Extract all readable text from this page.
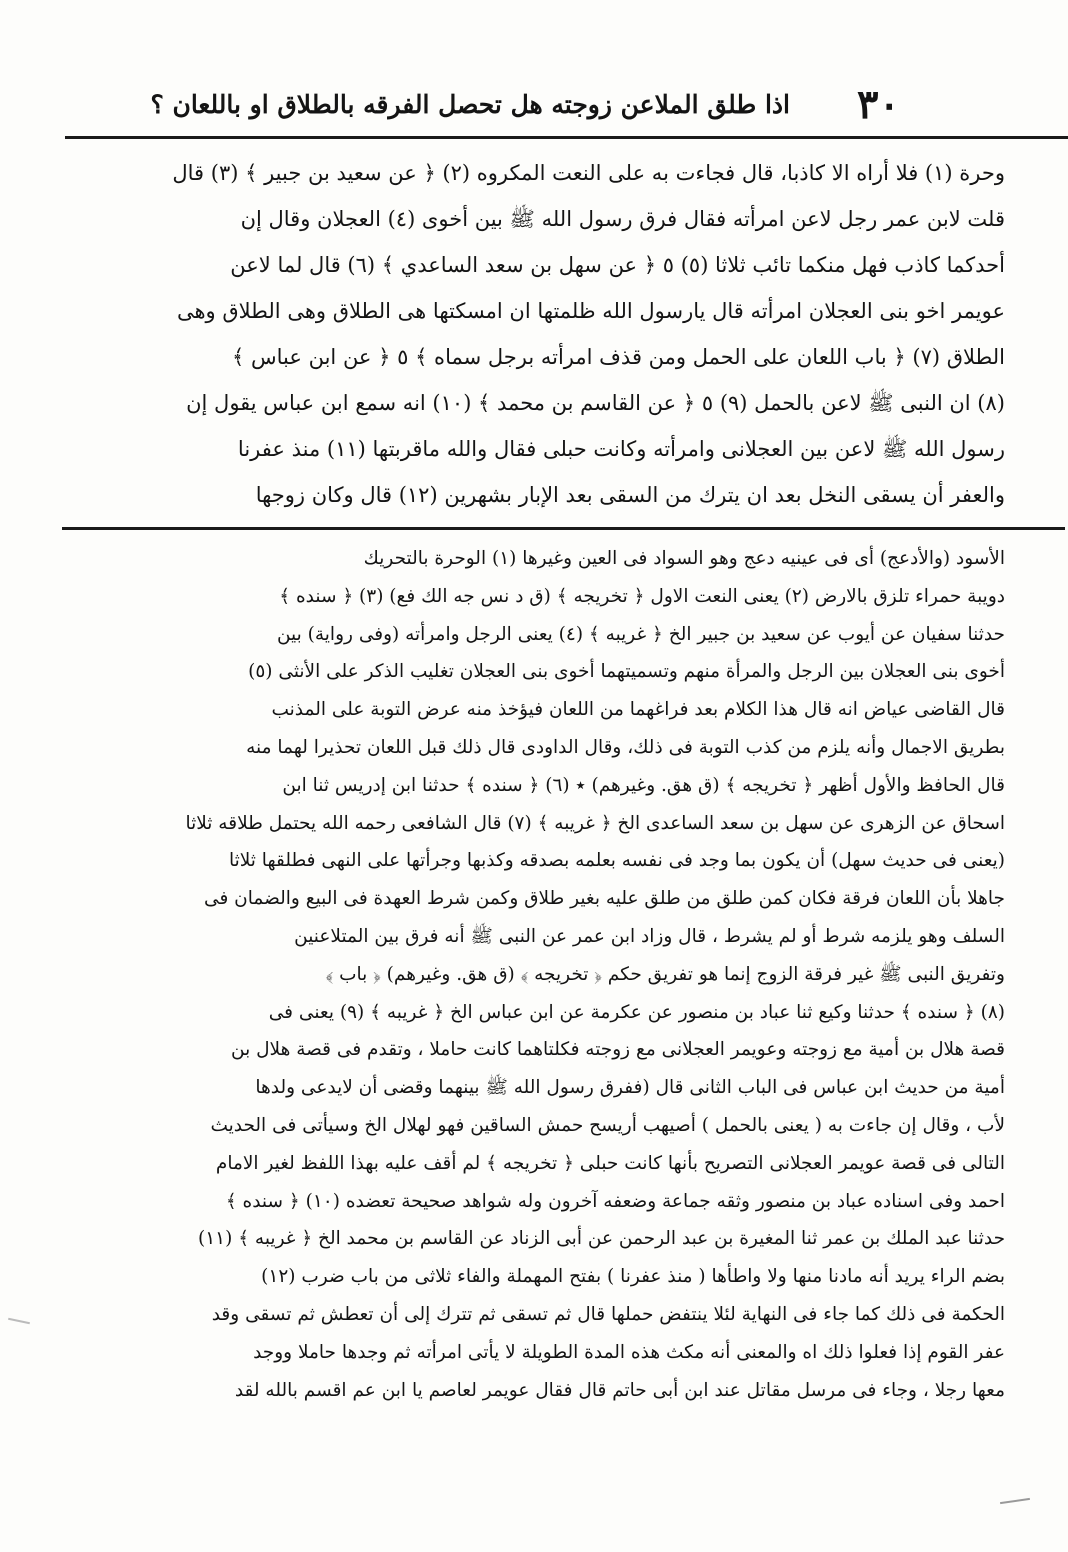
٣٠
اذا طلق الملاعن زوجته هل تحصل الفرقه بالطلاق او باللعان ؟
وحرة (١) فلا أراه الا كاذبا، قال فجاءت به على النعت المكروه (٢) ﴿ عن سعيد بن جبير ﴾ (٣) قال
قلت لابن عمر رجل لاعن امرأته فقال فرق رسول الله ﷺ بين أخوى (٤) العجلان وقال إن
أحدكما كاذب فهل منكما تائب ثلاثا (٥) ٥ ﴿ عن سهل بن سعد الساعدي ﴾ (٦) قال لما لاعن
عويمر اخو بنى العجلان امرأته قال يارسول الله ظلمتها ان امسكتها هى الطلاق وهى الطلاق وهى
الطلاق (٧) ﴿ باب اللعان على الحمل ومن قذف امرأته برجل سماه ﴾ ٥ ﴿ عن ابن عباس ﴾
(٨) ان النبى ﷺ لاعن بالحمل (٩) ٥ ﴿ عن القاسم بن محمد ﴾ (١٠) انه سمع ابن عباس يقول إن
رسول الله ﷺ لاعن بين العجلانى وامرأته وكانت حبلى فقال والله ماقربتها (١١) منذ عفرنا
والعفر أن يسقى النخل بعد ان يترك من السقى بعد الإبار بشهرين (١٢) قال وكان زوجها
الأسود (والأدعج) أى فى عينيه دعج وهو السواد فى العين وغيرها (١) الوحرة بالتحريك
دويبة حمراء تلزق بالارض (٢) يعنى النعت الاول ﴿ تخريجه ﴾ (ق د نس جه الك فع) (٣) ﴿ سنده ﴾
حدثنا سفيان عن أيوب عن سعيد بن جبير الخ ﴿ غريبه ﴾ (٤) يعنى الرجل وامرأته (وفى رواية) بين
أخوى بنى العجلان بين الرجل والمرأة منهم وتسميتهما أخوى بنى العجلان تغليب الذكر على الأنثى (٥)
قال القاضى عياض انه قال هذا الكلام بعد فراغهما من اللعان فيؤخذ منه عرض التوبة على المذنب
بطريق الاجمال وأنه يلزم من كذب التوبة فى ذلك، وقال الداودى قال ذلك قبل اللعان تحذيرا لهما منه
قال الحافظ والأول أظهر ﴿ تخريجه ﴾ (ق هق. وغيرهم) ٭ (٦) ﴿ سنده ﴾ حدثنا ابن إدريس ثنا ابن
اسحاق عن الزهرى عن سهل بن سعد الساعدى الخ ﴿ غريبه ﴾ (٧) قال الشافعى رحمه الله يحتمل طلاقه ثلاثا
(يعنى فى حديث سهل) أن يكون بما وجد فى نفسه بعلمه بصدقه وكذبها وجرأتها على النهى فطلقها ثلاثا
جاهلا بأن اللعان فرقة فكان كمن طلق من طلق عليه بغير طلاق وكمن شرط العهدة فى البيع والضمان فى
السلف وهو يلزمه شرط أو لم يشرط ، قال وزاد ابن عمر عن النبى ﷺ أنه فرق بين المتلاعنين
وتفريق النبى ﷺ غير فرقة الزوج إنما هو تفريق حكم ﴿ تخريجه ﴾ (ق هق. وغيرهم) ﴿ باب ﴾
(٨) ﴿ سنده ﴾ حدثنا وكيع ثنا عباد بن منصور عن عكرمة عن ابن عباس الخ ﴿ غريبه ﴾ (٩) يعنى فى
قصة هلال بن أمية مع زوجته وعويمر العجلانى مع زوجته فكلتاهما كانت حاملا ، وتقدم فى قصة هلال بن
أمية من حديث ابن عباس فى الباب الثانى قال (ففرق رسول الله ﷺ بينهما وقضى أن لايدعى ولدها
لأب ، وقال إن جاءت به ( يعنى بالحمل ) أصيهب أريسح حمش الساقين فهو لهلال الخ وسيأتى فى الحديث
التالى فى قصة عويمر العجلانى التصريح بأنها كانت حبلى ﴿ تخريجه ﴾ لم أقف عليه بهذا اللفظ لغير الامام
احمد وفى اسناده عباد بن منصور وثقه جماعة وضعفه آخرون وله شواهد صحيحة تعضده (١٠) ﴿ سنده ﴾
حدثنا عبد الملك بن عمر ثنا المغيرة بن عبد الرحمن عن أبى الزناد عن القاسم بن محمد الخ ﴿ غريبه ﴾ (١١)
بضم الراء يريد أنه مادنا منها ولا واطأها ( منذ عفرنا ) بفتح المهملة والفاء ثلاثى من باب ضرب (١٢)
الحكمة فى ذلك كما جاء فى النهاية لئلا ينتفض حملها قال ثم تسقى ثم تترك إلى أن تعطش ثم تسقى وقد
عفر القوم إذا فعلوا ذلك اه والمعنى أنه مكث هذه المدة الطويلة لا يأتى امرأته ثم وجدها حاملا ووجد
معها رجلا ، وجاء فى مرسل مقاتل عند ابن أبى حاتم قال فقال عويمر لعاصم يا ابن عم اقسم بالله لقد
